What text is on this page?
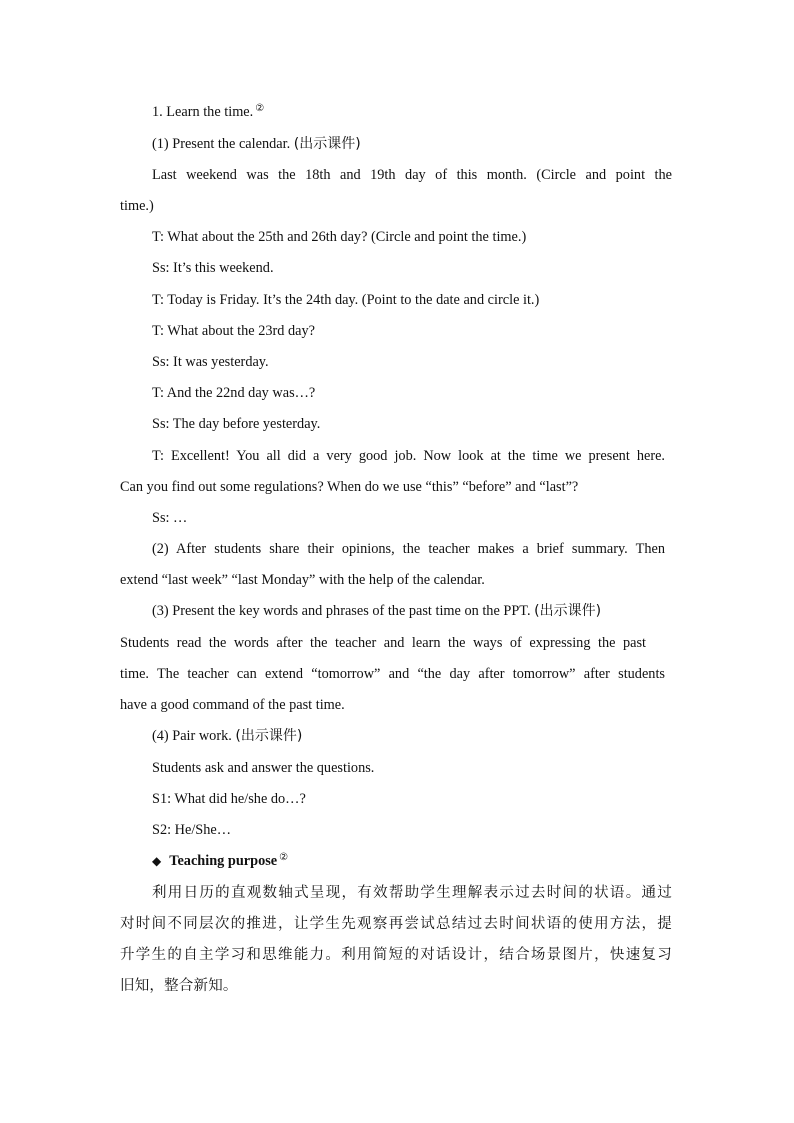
1. Learn the time. ②
(1) Present the calendar. (出示课件)
Last weekend was the 18th and 19th day of this month. (Circle and point the
time.)
T: What about the 25th and 26th day? (Circle and point the time.)
Ss: It’s this weekend.
T: Today is Friday. It’s the 24th day. (Point to the date and circle it.)
T: What about the 23rd day?
Ss: It was yesterday.
T: And the 22nd day was…?
Ss: The day before yesterday.
T: Excellent! You all did a very good job. Now look at the time we present here.
Can you find out some regulations? When do we use “this” “before” and “last”?
Ss: …
(2) After students share their opinions, the teacher makes a brief summary. Then
extend “last week” “last Monday” with the help of the calendar.
(3) Present the key words and phrases of the past time on the PPT. (出示课件)
Students read the words after the teacher and learn the ways of expressing the past
time. The teacher can extend “tomorrow” and “the day after tomorrow” after students
have a good command of the past time.
(4) Pair work. (出示课件)
Students ask and answer the questions.
S1: What did he/she do…?
S2: He/She…
◆ Teaching purpose ②
利用日历的直观数轴式呈现，有效帮助学生理解表示过去时间的状语。通过
对时间不同层次的推进，让学生先观察再尝试总结过去时间状语的使用方法，提
升学生的自主学习和思维能力。利用简短的对话设计，结合场景图片，快速复习
旧知，整合新知。
